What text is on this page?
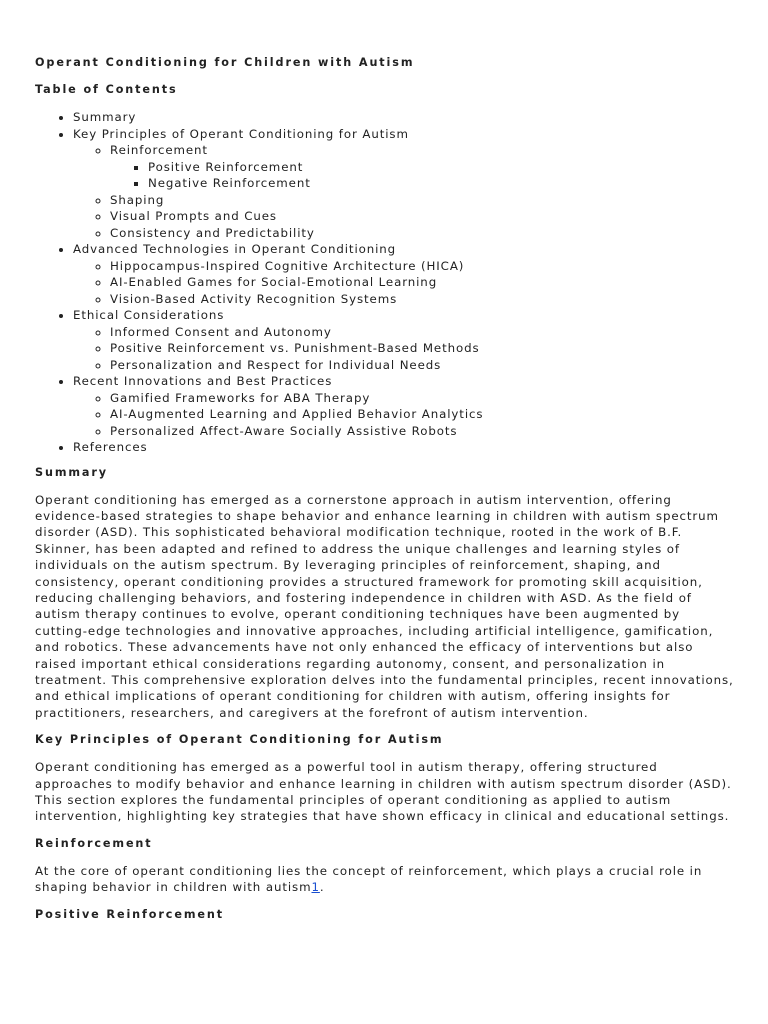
Operant Conditioning for Children with Autism
Table of Contents
• Summary
• Key Principles of Operant Conditioning for Autism
◦ Reinforcement
▪ Positive Reinforcement
▪ Negative Reinforcement
◦ Shaping
◦ Visual Prompts and Cues
◦ Consistency and Predictability
• Advanced Technologies in Operant Conditioning
◦ Hippocampus-Inspired Cognitive Architecture (HICA)
◦ AI-Enabled Games for Social-Emotional Learning
◦ Vision-Based Activity Recognition Systems
• Ethical Considerations
◦ Informed Consent and Autonomy
◦ Positive Reinforcement vs. Punishment-Based Methods
◦ Personalization and Respect for Individual Needs
• Recent Innovations and Best Practices
◦ Gamified Frameworks for ABA Therapy
◦ AI-Augmented Learning and Applied Behavior Analytics
◦ Personalized Affect-Aware Socially Assistive Robots
• References
Summary

Operant conditioning has emerged as a cornerstone approach in autism intervention, offering evidence-based strategies to shape behavior and enhance learning in children with autism spectrum disorder (ASD). This sophisticated behavioral modification technique, rooted in the work of B.F. Skinner, has been adapted and refined to address the unique challenges and learning styles of individuals on the autism spectrum. By leveraging principles of reinforcement, shaping, and consistency, operant conditioning provides a structured framework for promoting skill acquisition, reducing challenging behaviors, and fostering independence in children with ASD. As the field of autism therapy continues to evolve, operant conditioning techniques have been augmented by cutting-edge technologies and innovative approaches, including artificial intelligence, gamification, and robotics. These advancements have not only enhanced the efficacy of interventions but also raised important ethical considerations regarding autonomy, consent, and personalization in treatment. This comprehensive exploration delves into the fundamental principles, recent innovations, and ethical implications of operant conditioning for children with autism, offering insights for practitioners, researchers, and caregivers at the forefront of autism intervention.

Key Principles of Operant Conditioning for Autism

Operant conditioning has emerged as a powerful tool in autism therapy, offering structured approaches to modify behavior and enhance learning in children with autism spectrum disorder (ASD). This section explores the fundamental principles of operant conditioning as applied to autism intervention, highlighting key strategies that have shown efficacy in clinical and educational settings.

Reinforcement

At the core of operant conditioning lies the concept of reinforcement, which plays a crucial role in shaping behavior in children with autism1.

Positive Reinforcement
